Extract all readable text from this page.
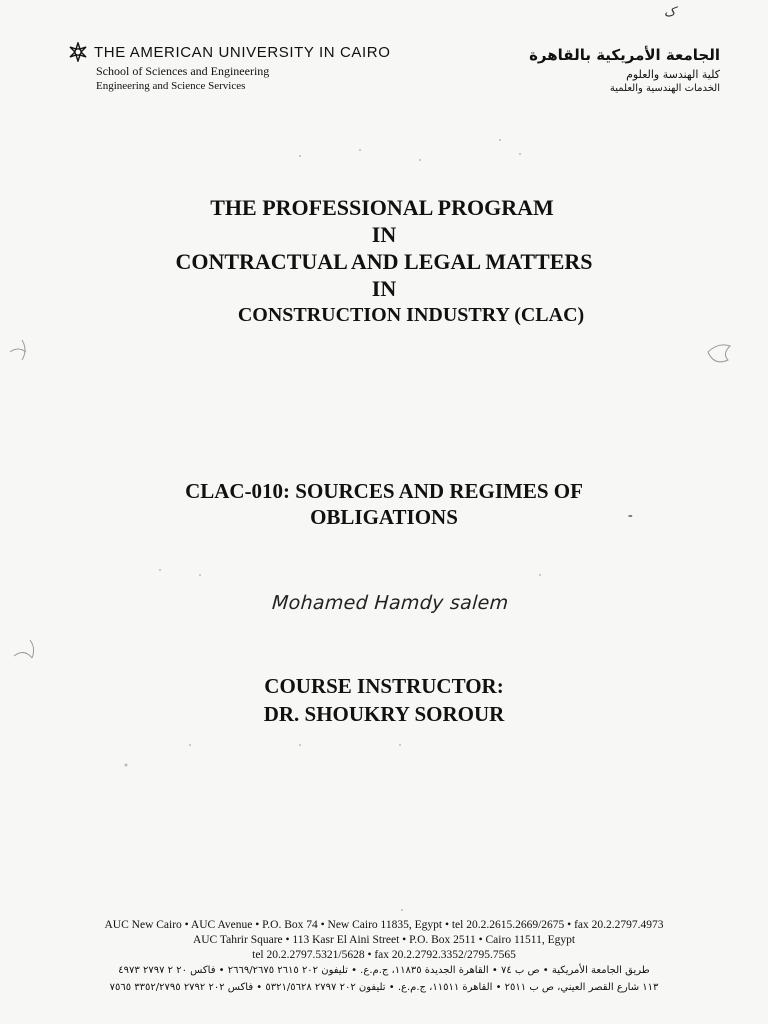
ک
THE AMERICAN UNIVERSITY IN CAIRO
School of Sciences and Engineering
Engineering and Science Services
الجامعة الأمريكية بالقاهرة
كلية الهندسة والعلوم
الخدمات الهندسية والعلمية
THE PROFESSIONAL PROGRAM
IN
CONTRACTUAL AND LEGAL MATTERS
IN
CONSTRUCTION INDUSTRY (CLAC)
CLAC-010: SOURCES AND REGIMES OF
OBLIGATIONS	-
Mohamed Hamdy salem
COURSE INSTRUCTOR:
DR. SHOUKRY SOROUR
AUC New Cairo • AUC Avenue • P.O. Box 74 • New Cairo 11835, Egypt • tel 20.2.2615.2669/2675 • fax 20.2.2797.4973
AUC Tahrir Square • 113 Kasr El Aini Street • P.O. Box 2511 • Cairo 11511, Egypt
tel 20.2.2797.5321/5628 • fax 20.2.2792.3352/2795.7565
طريق الجامعة الأمريكية • ص ب ٧٤ • القاهرة الجديدة ١١٨٣٥، ج.م.ع. • تليفون ٢٠٢ ٢٦١٥ ٢٦٦٩/٢٦٧٥ • فاكس ٢٠ ٢ ٢٧٩٧ ٤٩٧٣
١١٣ شارع القصر العيني، ص ب ٢٥١١ • القاهرة ١١٥١١، ج.م.ع. • تليفون ٢٠٢ ٢٧٩٧ ٥٣٢١/٥٦٢٨ • فاكس ٢٠٢ ٢٧٩٢ ٣٣٥٢/٢٧٩٥ ٧٥٦٥
